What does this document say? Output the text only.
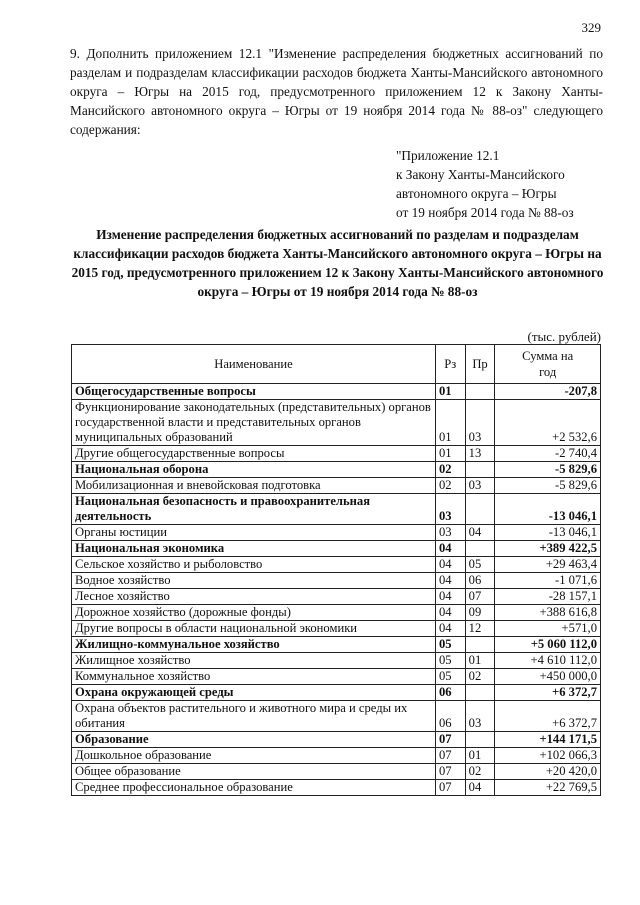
329
9. Дополнить приложением 12.1 "Изменение распределения бюджетных ассигнований по разделам и подразделам классификации расходов бюджета Ханты-Мансийского автономного округа – Югры на 2015 год, предусмотренного приложением 12 к Закону Ханты-Мансийского автономного округа – Югры от 19 ноября 2014 года № 88-оз" следующего содержания:
"Приложение 12.1
к Закону Ханты-Мансийского
автономного округа – Югры
от 19 ноября 2014 года № 88-оз
Изменение распределения бюджетных ассигнований по разделам и подразделам классификации расходов бюджета Ханты-Мансийского автономного округа – Югры на 2015 год, предусмотренного приложением 12 к Закону Ханты-Мансийского автономного округа – Югры от 19 ноября 2014 года № 88-оз
(тыс. рублей)
Наименование	Рз	Пр	Сумма на год
Общегосударственные вопросы	01		-207,8
Функционирование законодательных (представительных) органов государственной власти и представительных органов муниципальных образований	01	03	+2 532,6
Другие общегосударственные вопросы	01	13	-2 740,4
Национальная оборона	02		-5 829,6
Мобилизационная и вневойсковая подготовка	02	03	-5 829,6
Национальная безопасность и правоохранительная деятельность	03		-13 046,1
Органы юстиции	03	04	-13 046,1
Национальная экономика	04		+389 422,5
Сельское хозяйство и рыболовство	04	05	+29 463,4
Водное хозяйство	04	06	-1 071,6
Лесное хозяйство	04	07	-28 157,1
Дорожное хозяйство (дорожные фонды)	04	09	+388 616,8
Другие вопросы в области национальной экономики	04	12	+571,0
Жилищно-коммунальное хозяйство	05		+5 060 112,0
Жилищное хозяйство	05	01	+4 610 112,0
Коммунальное хозяйство	05	02	+450 000,0
Охрана окружающей среды	06		+6 372,7
Охрана объектов растительного и животного мира и среды их обитания	06	03	+6 372,7
Образование	07		+144 171,5
Дошкольное образование	07	01	+102 066,3
Общее образование	07	02	+20 420,0
Среднее профессиональное образование	07	04	+22 769,5
